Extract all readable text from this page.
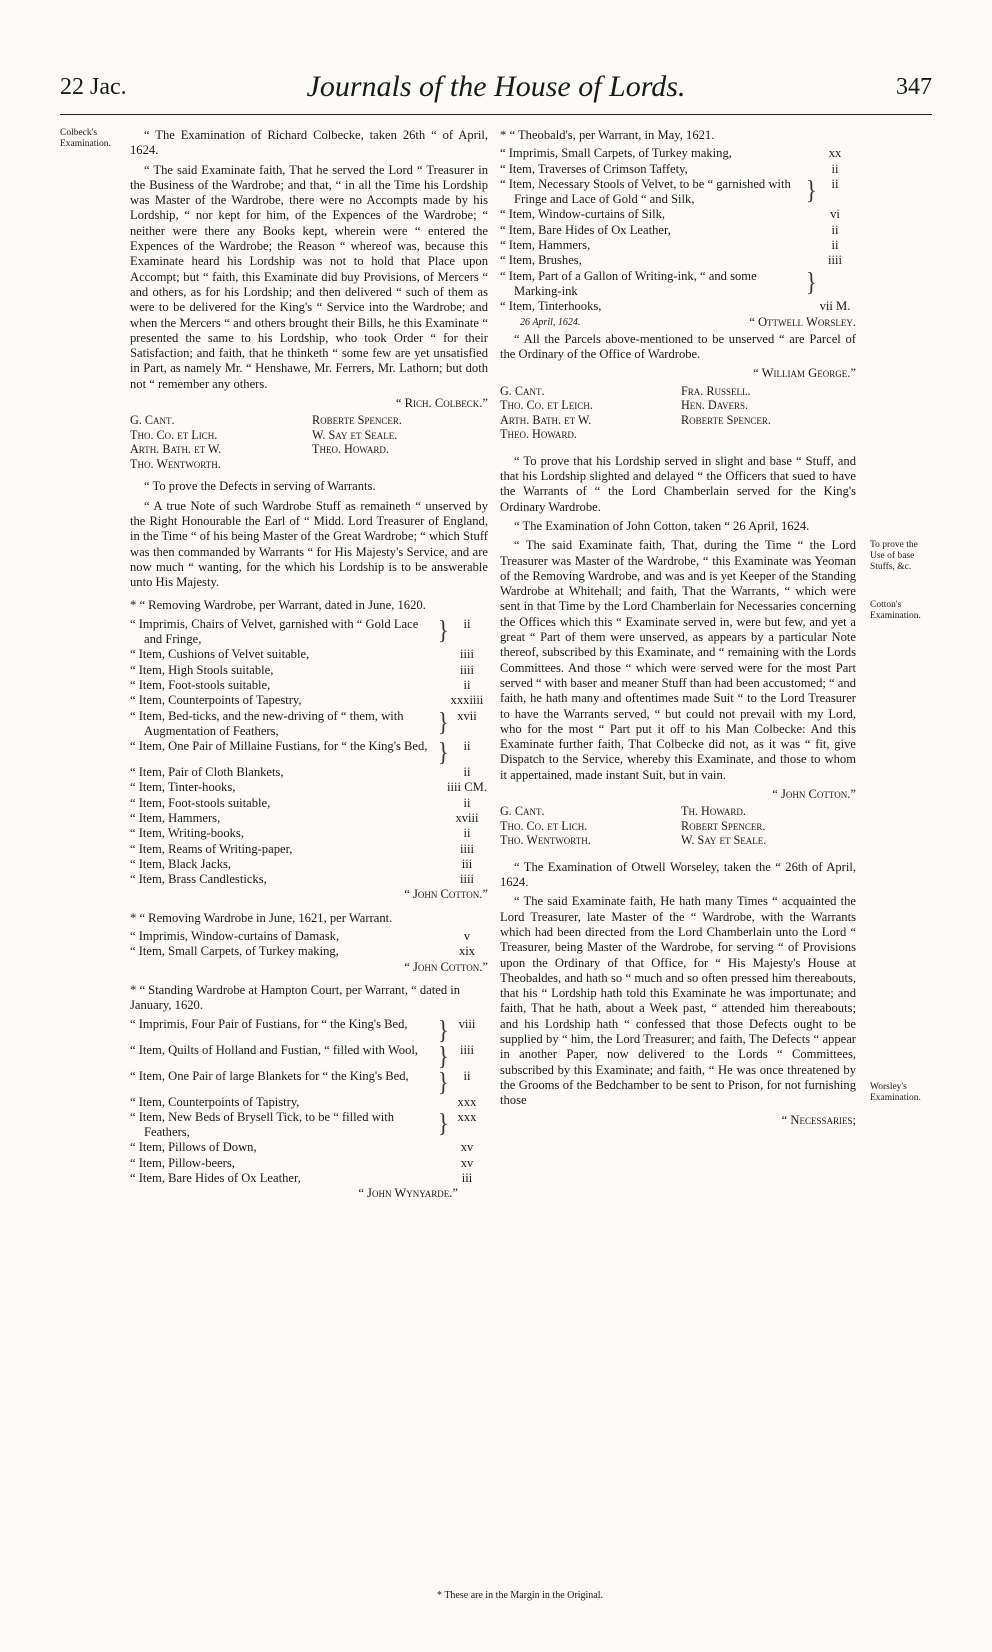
22 Jac.	Journals of the House of Lords.	347
Colbeck's Examination.
To prove the Use of base Stuffs, &c.
Cotton's Examination.
Worsley's Examination.

“ The Examination of Richard Colbecke, taken 26th “ of April, 1624.

“ The said Examinate faith, That he served the Lord “ Treasurer in the Business of the Wardrobe; and that, “ in all the Time his Lordship was Master of the Wardrobe, there were no Accompts made by his Lordship, “ nor kept for him, of the Expences of the Wardrobe; “ neither were there any Books kept, wherein were “ entered the Expences of the Wardrobe; the Reason “ whereof was, because this Examinate heard his Lordship was not to hold that Place upon Accompt; but “ faith, this Examinate did buy Provisions, of Mercers “ and others, as for his Lordship; and then delivered “ such of them as were to be delivered for the King's “ Service into the Wardrobe; and when the Mercers “ and others brought their Bills, he this Examinate “ presented the same to his Lordship, who took Order “ for their Satisfaction; and faith, that he thinketh “ some few are yet unsatisfied in Part, as namely Mr. “ Henshawe, Mr. Ferrers, Mr. Lathorn; but doth not “ remember any others.

“ Rich. Colbeck.”

G. Cant.	Roberte Spencer.
Tho. Co. et Lich.	W. Say et Seale.
Arth. Bath. et W.	Theo. Howard.
Tho. Wentworth.

“ To prove the Defects in serving of Warrants.

“ A true Note of such Wardrobe Stuff as remaineth “ unserved by the Right Honourable the Earl of “ Midd. Lord Treasurer of England, in the Time “ of his being Master of the Great Wardrobe; “ which Stuff was then commanded by Warrants “ for His Majesty's Service, and are now much “ wanting, for the which his Lordship is to be answerable unto His Majesty.

* “ Removing Wardrobe, per Warrant, dated in June, 1620.

“ Imprimis, Chairs of Velvet, garnished with “ Gold Lace and Fringe,	}	ii
“ Item, Cushions of Velvet suitable,	iiii
“ Item, High Stools suitable,	iiii
“ Item, Foot-stools suitable,	ii
“ Item, Counterpoints of Tapestry,	xxxiiii
“ Item, Bed-ticks, and the new-driving of “ them, with Augmentation of Feathers,	} xvii
“ Item, One Pair of Millaine Fustians, for “ the King's Bed, }	ii
“ Item, Pair of Cloth Blankets,	ii
“ Item, Tinter-hooks,	iiii CM.
“ Item, Foot-stools suitable,	ii
“ Item, Hammers,	xviii
“ Item, Writing-books,	ii
“ Item, Reams of Writing-paper,	iiii
“ Item, Black Jacks,	iii
“ Item, Brass Candlesticks,	iiii

“ John Cotton.”

* “ Removing Wardrobe in June, 1621, per Warrant.

“ Imprimis, Window-curtains of Damask,	v
“ Item, Small Carpets, of Turkey making,	xix

“ John Cotton.”

* “ Standing Wardrobe at Hampton Court, per Warrant, “ dated in January, 1620.

“ Imprimis, Four Pair of Fustians, for “ the King's Bed,	} viii
“ Item, Quilts of Holland and Fustian, “ filled with Wool, } iiii
“ Item, One Pair of large Blankets for “ the King's Bed,	}	ii
“ Item, Counterpoints of Tapistry,	xxx
“ Item, New Beds of Brysell Tick, to be “ filled with Feathers,	} xxx
“ Item, Pillows of Down,	xv
“ Item, Pillow-beers,	xv
“ Item, Bare Hides of Ox Leather,	iii

“ John Wynyarde.”

* “ Theobald's, per Warrant, in May, 1621.

“ Imprimis, Small Carpets, of Turkey making,	xx
“ Item, Traverses of Crimson Taffety,	ii
“ Item, Necessary Stools of Velvet, to be “ garnished with Fringe and Lace of Gold “ and Silk,	}	ii
“ Item, Window-curtains of Silk,	vi
“ Item, Bare Hides of Ox Leather,	ii
“ Item, Hammers,	ii
“ Item, Brushes,	iiii
“ Item, Part of a Gallon of Writing-ink, “ and some Marking-ink	}
“ Item, Tinterhooks,	vii M.

26 April, 1624.	“ Ottwell Worsley.

“ All the Parcels above-mentioned to be unserved “ are Parcel of the Ordinary of the Office of Wardrobe.

“ William George.”

G. Cant.	Fra. Russell.
Tho. Co. et Leich.	Hen. Davers.
Arth. Bath. et W.	Roberte Spencer.
Theo. Howard.

“ To prove that his Lordship served in slight and base “ Stuff, and that his Lordship slighted and delayed “ the Officers that sued to have the Warrants of “ the Lord Chamberlain served for the King's Ordinary Wardrobe.

“ The Examination of John Cotton, taken “ 26 April, 1624.

“ The said Examinate faith, That, during the Time “ the Lord Treasurer was Master of the Wardrobe, “ this Examinate was Yeoman of the Removing Wardrobe, and was and is yet Keeper of the Standing Wardrobe at Whitehall; and faith, That the Warrants, “ which were sent in that Time by the Lord Chamberlain for Necessaries concerning the Offices which this “ Examinate served in, were but few, and yet a great “ Part of them were unserved, as appears by a particular Note thereof, subscribed by this Examinate, and “ remaining with the Lords Committees. And those “ which were served were for the most Part served “ with baser and meaner Stuff than had been accustomed; “ and faith, he hath many and oftentimes made Suit “ to the Lord Treasurer to have the Warrants served, “ but could not prevail with my Lord, who for the most “ Part put it off to his Man Colbecke: And this Examinate further faith, That Colbecke did not, as it was “ fit, give Dispatch to the Service, whereby this Examinate, and those to whom it appertained, made instant Suit, but in vain.

“ John Cotton.”

G. Cant.	Th. Howard.
Tho. Co. et Lich.	Robert Spencer.
Tho. Wentworth.	W. Say et Seale.

“ The Examination of Otwell Worseley, taken the “ 26th of April, 1624.

“ The said Examinate faith, He hath many Times “ acquainted the Lord Treasurer, late Master of the “ Wardrobe, with the Warrants which had been directed from the Lord Chamberlain unto the Lord “ Treasurer, being Master of the Wardrobe, for serving “ of Provisions upon the Ordinary of that Office, for “ His Majesty's House at Theobaldes, and hath so “ much and so often pressed him thereabouts, that his “ Lordship hath told this Examinate he was importunate; and faith, That he hath, about a Week past, “ attended him thereabouts; and his Lordship hath “ confessed that those Defects ought to be supplied by “ him, the Lord Treasurer; and faith, The Defects “ appear in another Paper, now delivered to the Lords “ Committees, subscribed by this Examinate; and faith, “ He was once threatened by the Grooms of the Bedchamber to be sent to Prison, for not furnishing those

“ Necessaries;

* These are in the Margin in the Original.
